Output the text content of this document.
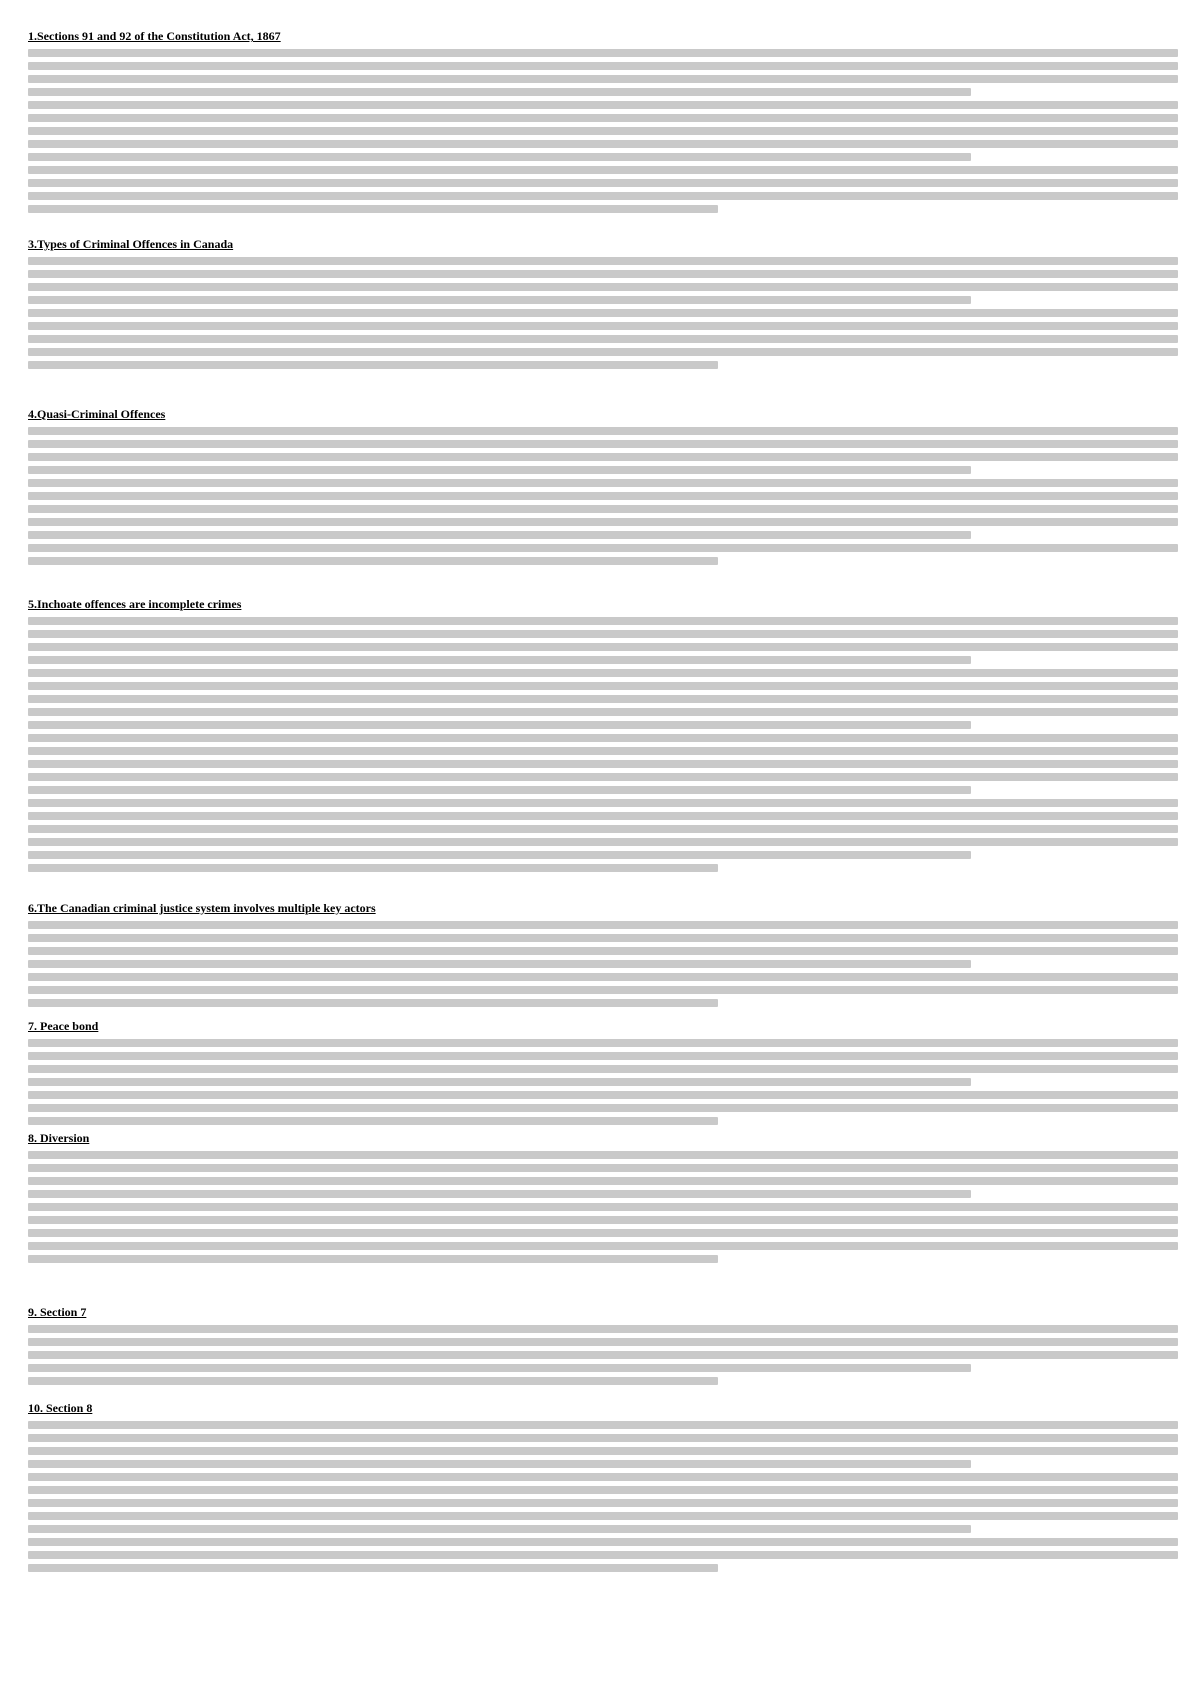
1.Sections 91 and 92 of the Constitution Act, 1867
3.Types of Criminal Offences in Canada
4.Quasi-Criminal Offences
5.Inchoate offences are incomplete crimes
6.The Canadian criminal justice system involves multiple key actors
7. Peace bond
8. Diversion
9. Section 7
10. Section 8
